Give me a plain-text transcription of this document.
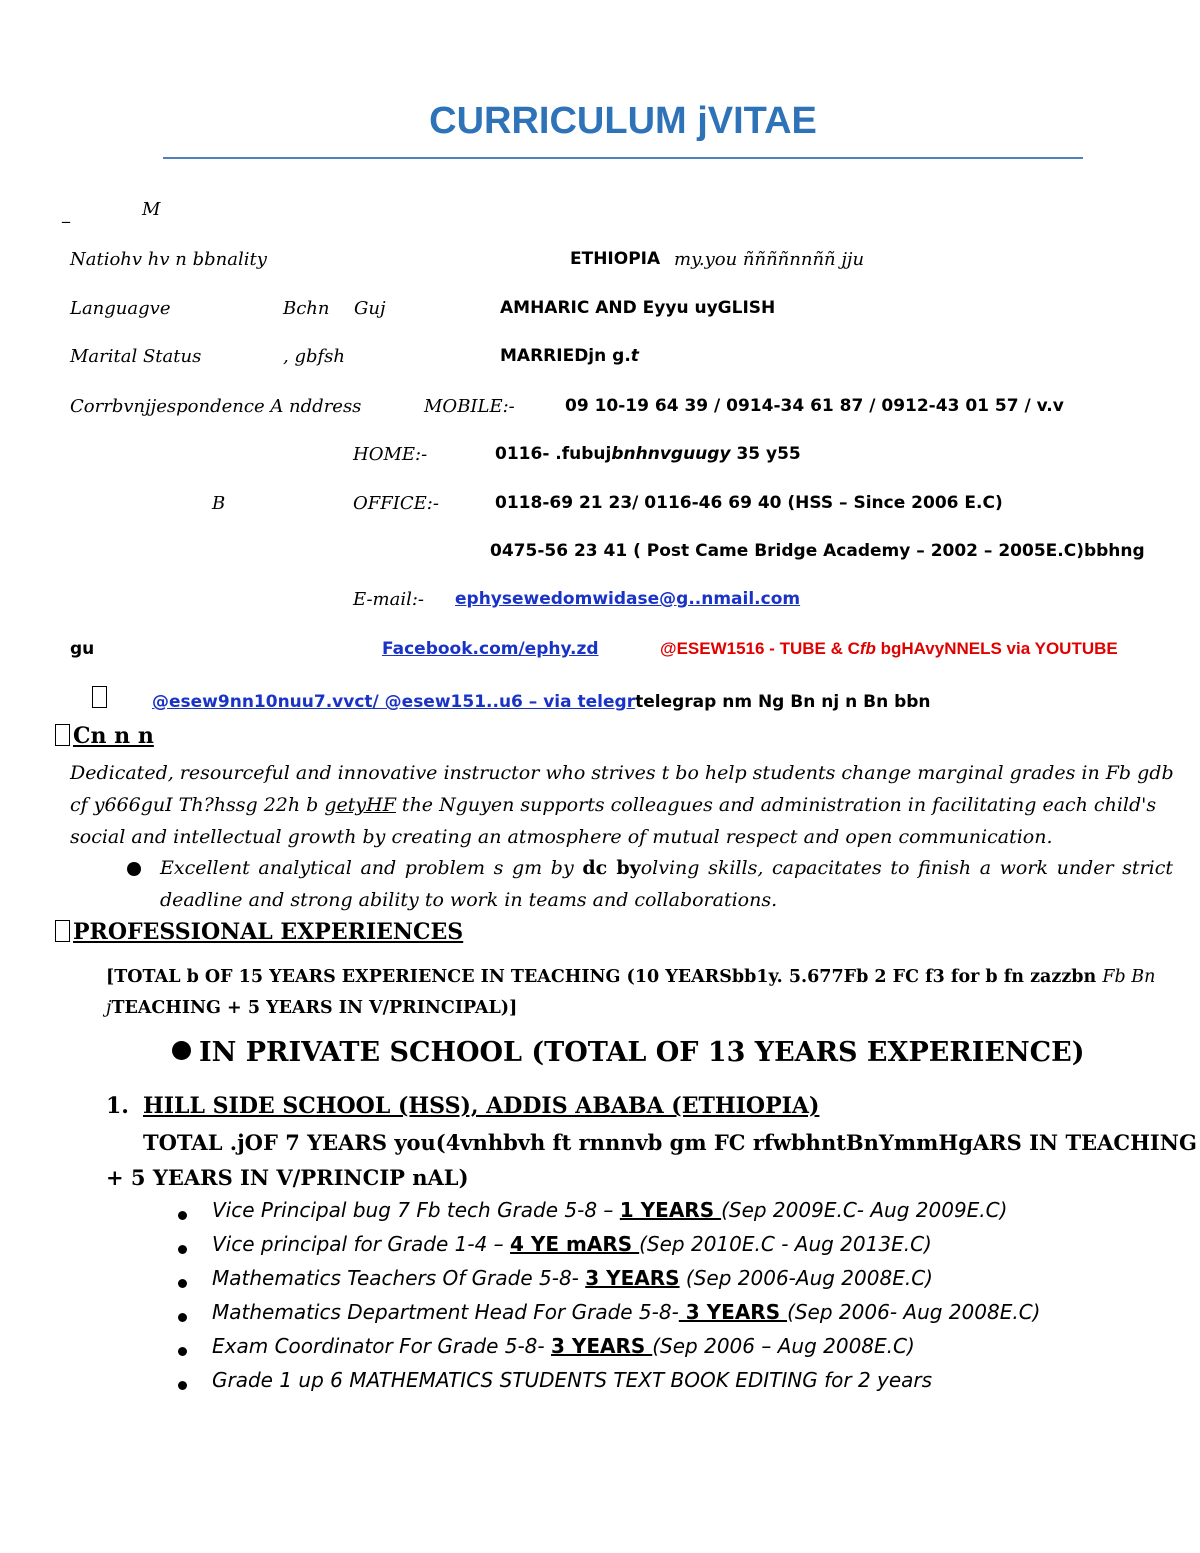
CURRICULUM jVITAE
_	M
Natiohv hv n bbnality	ETHIOPIA my.you ññññnnññ jju
Languagve	Bchn Guj	AMHARIC AND Eyyu uyGLISH
Marital Status	, gbfsh	MARRIEDjn g.t
Corrbvnjjespondence A nddress	MOBILE:-	09 10-19 64 39 / 0914-34 61 87 / 0912-43 01 57 / v.v
HOME:-	0116- .fubujbnhnvguugy 35 y55
B	OFFICE:-	0118-69 21 23/ 0116-46 69 40 (HSS – Since 2006 E.C)
0475-56 23 41 ( Post Came Bridge Academy – 2002 – 2005E.C)bbhng
E-mail:- ephysewedomwidase@g..nmail.com
gu	Facebook.com/ephy.zd	@ESEW1516 - TUBE & Cfb bgHAvyNNELS via YOUTUBE
@esew9nn10nuu7.vvct/ @esew151..u6 – via telegrtelegrap nm Ng Bn nj n Bn bbn
Cn n n
Dedicated, resourceful and innovative instructor who strives t bo help students change marginal grades in Fb gdb cf y666guI Th?hssg 22h b getyHF the Nguyen supports colleagues and administration in facilitating each child's social and intellectual growth by creating an atmosphere of mutual respect and open communication.
Excellent analytical and problem s gm by dc byolving skills, capacitates to finish a work under strict deadline and strong ability to work in teams and collaborations.
PROFESSIONAL EXPERIENCES
[TOTAL b OF 15 YEARS EXPERIENCE IN TEACHING (10 YEARSbb1y. 5.677Fb 2 FC f3 for b fn zazzbn Fb Bn jTEACHING + 5 YEARS IN V/PRINCIPAL)]
IN PRIVATE SCHOOL (TOTAL OF 13 YEARS EXPERIENCE)
1. HILL SIDE SCHOOL (HSS), ADDIS ABABA (ETHIOPIA)
TOTAL .jOF 7 YEARS you(4vnhbvh ft rnnnvb gm FC rfwbhntBnYmmHgARS IN TEACHING
+ 5 YEARS IN V/PRINCIP nAL)
Vice Principal bug 7 Fb tech Grade 5-8 – 1 YEARS (Sep 2009E.C- Aug 2009E.C)
Vice principal for Grade 1-4 – 4 YE mARS (Sep 2010E.C - Aug 2013E.C)
Mathematics Teachers Of Grade 5-8- 3 YEARS (Sep 2006-Aug 2008E.C)
Mathematics Department Head For Grade 5-8- 3 YEARS (Sep 2006- Aug 2008E.C)
Exam Coordinator For Grade 5-8- 3 YEARS (Sep 2006 – Aug 2008E.C)
Grade 1 up 6 MATHEMATICS STUDENTS TEXT BOOK EDITING for 2 years
